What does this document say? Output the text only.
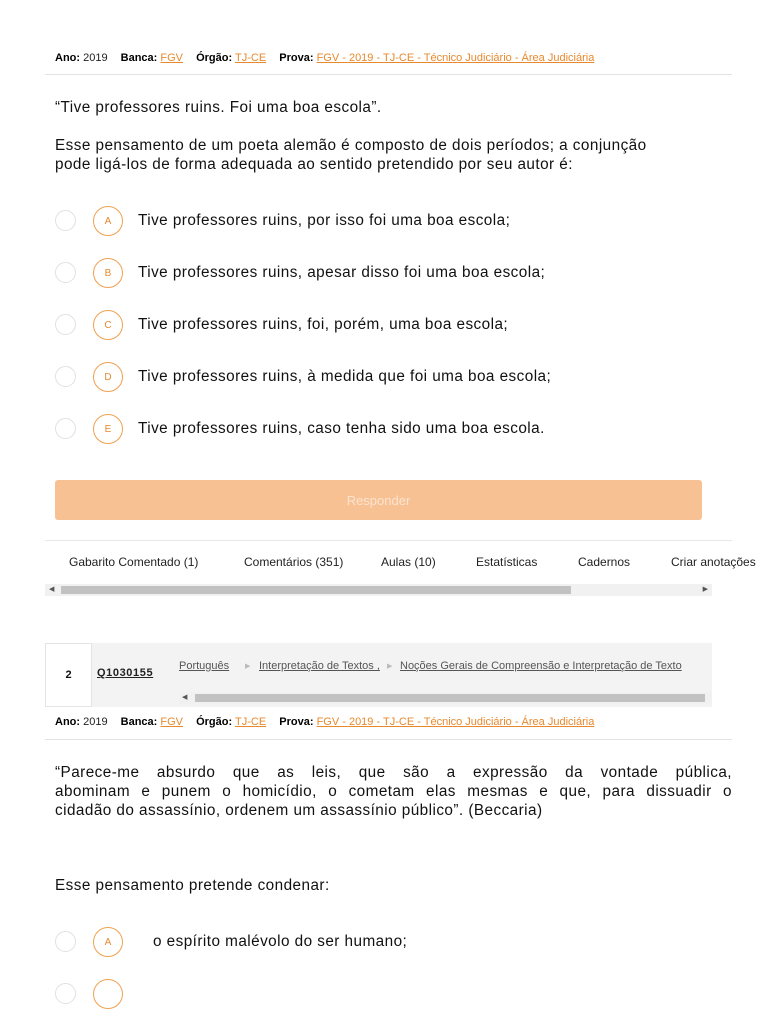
Ano: 2019 Banca: FGV Órgão: TJ-CE Prova: FGV - 2019 - TJ-CE - Técnico Judiciário - Área Judiciária
“Tive professores ruins. Foi uma boa escola”.
Esse pensamento de um poeta alemão é composto de dois períodos; a conjunção
pode ligá-los de forma adequada ao sentido pretendido por seu autor é:
A	Tive professores ruins, por isso foi uma boa escola;
B	Tive professores ruins, apesar disso foi uma boa escola;
C	Tive professores ruins, foi, porém, uma boa escola;
D	Tive professores ruins, à medida que foi uma boa escola;
E	Tive professores ruins, caso tenha sido uma boa escola.
Responder
Gabarito Comentado (1)	Comentários (351)	Aulas (10)	Estatísticas	Cadernos	Criar anotações
◀	▶
2	Q1030155
Português ▶ Interpretação de Textos , ▶ Noções Gerais de Compreensão e Interpretação de Texto
◀
Ano: 2019 Banca: FGV Órgão: TJ-CE Prova: FGV - 2019 - TJ-CE - Técnico Judiciário - Área Judiciária
“Parece-me absurdo que as leis, que são a expressão da vontade pública,
abominam e punem o homicídio, o cometam elas mesmas e que, para dissuadir o
cidadão do assassínio, ordenem um assassínio público”. (Beccaria)
Esse pensamento pretende condenar:
A	o espírito malévolo do ser humano;
